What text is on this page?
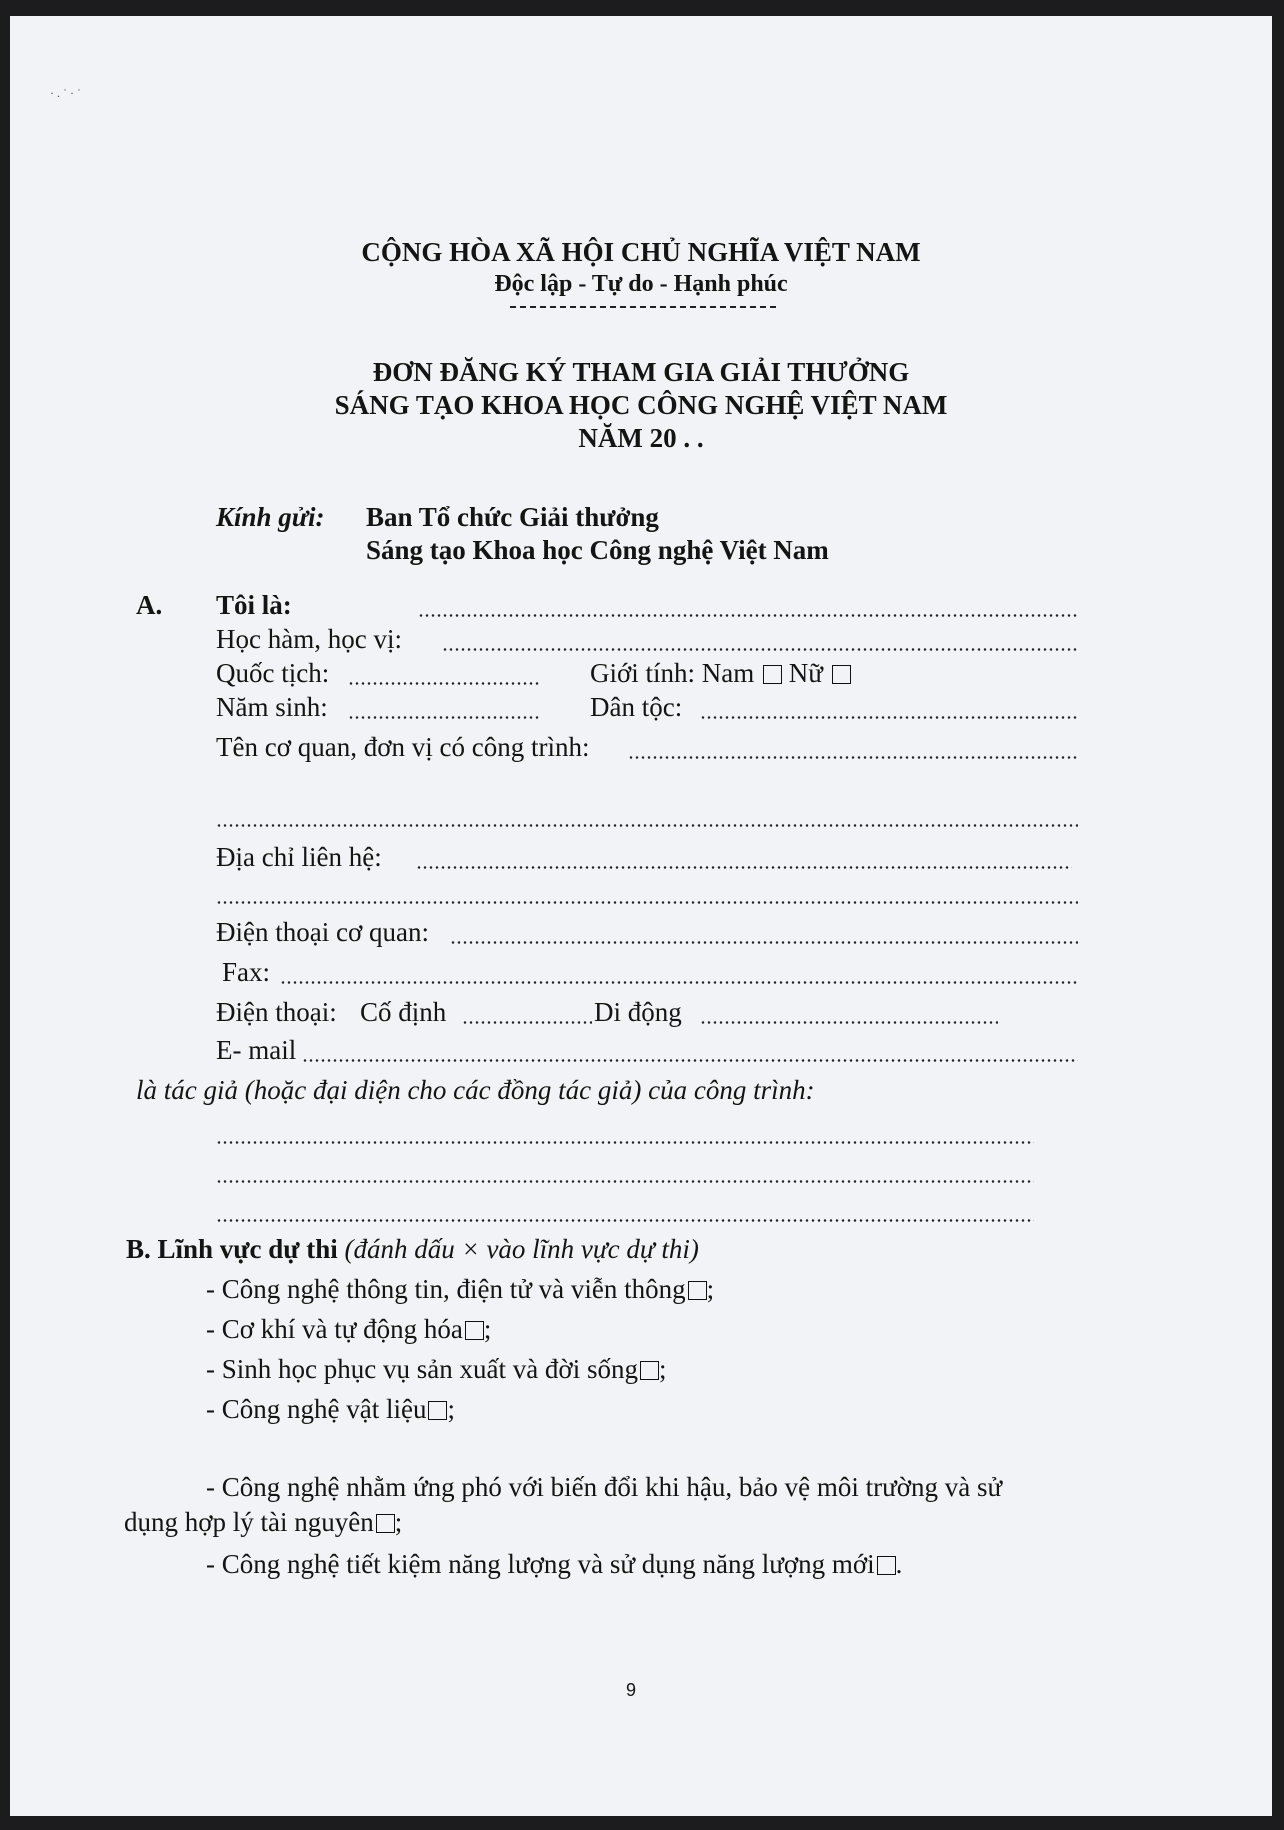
·.˙·˙
CỘNG HÒA XÃ HỘI CHỦ NGHĨA VIỆT NAM
Độc lập - Tự do - Hạnh phúc
ĐƠN ĐĂNG KÝ THAM GIA GIẢI THƯỞNG
SÁNG TẠO KHOA HỌC CÔNG NGHỆ VIỆT NAM
NĂM 20 . .
Kính gửi: Ban Tổ chức Giải thưởng
Sáng tạo Khoa học Công nghệ Việt Nam
A. Tôi là:
Học hàm, học vị:
Quốc tịch:	Giới tính: Nam Nữ
Năm sinh:	Dân tộc:
Tên cơ quan, đơn vị có công trình:
Địa chỉ liên hệ:
Điện thoại cơ quan:
Fax:
Điện thoại: Cố định	Di động
E- mail
là tác giả (hoặc đại diện cho các đồng tác giả) của công trình:
B. Lĩnh vực dự thi (đánh dấu × vào lĩnh vực dự thi)
- Công nghệ thông tin, điện tử và viễn thông ;
- Cơ khí và tự động hóa ;
- Sinh học phục vụ sản xuất và đời sống ;
- Công nghệ vật liệu ;
- Công nghệ nhằm ứng phó với biến đổi khi hậu, bảo vệ môi trường và sử
dụng hợp lý tài nguyên ;
- Công nghệ tiết kiệm năng lượng và sử dụng năng lượng mới .
9
